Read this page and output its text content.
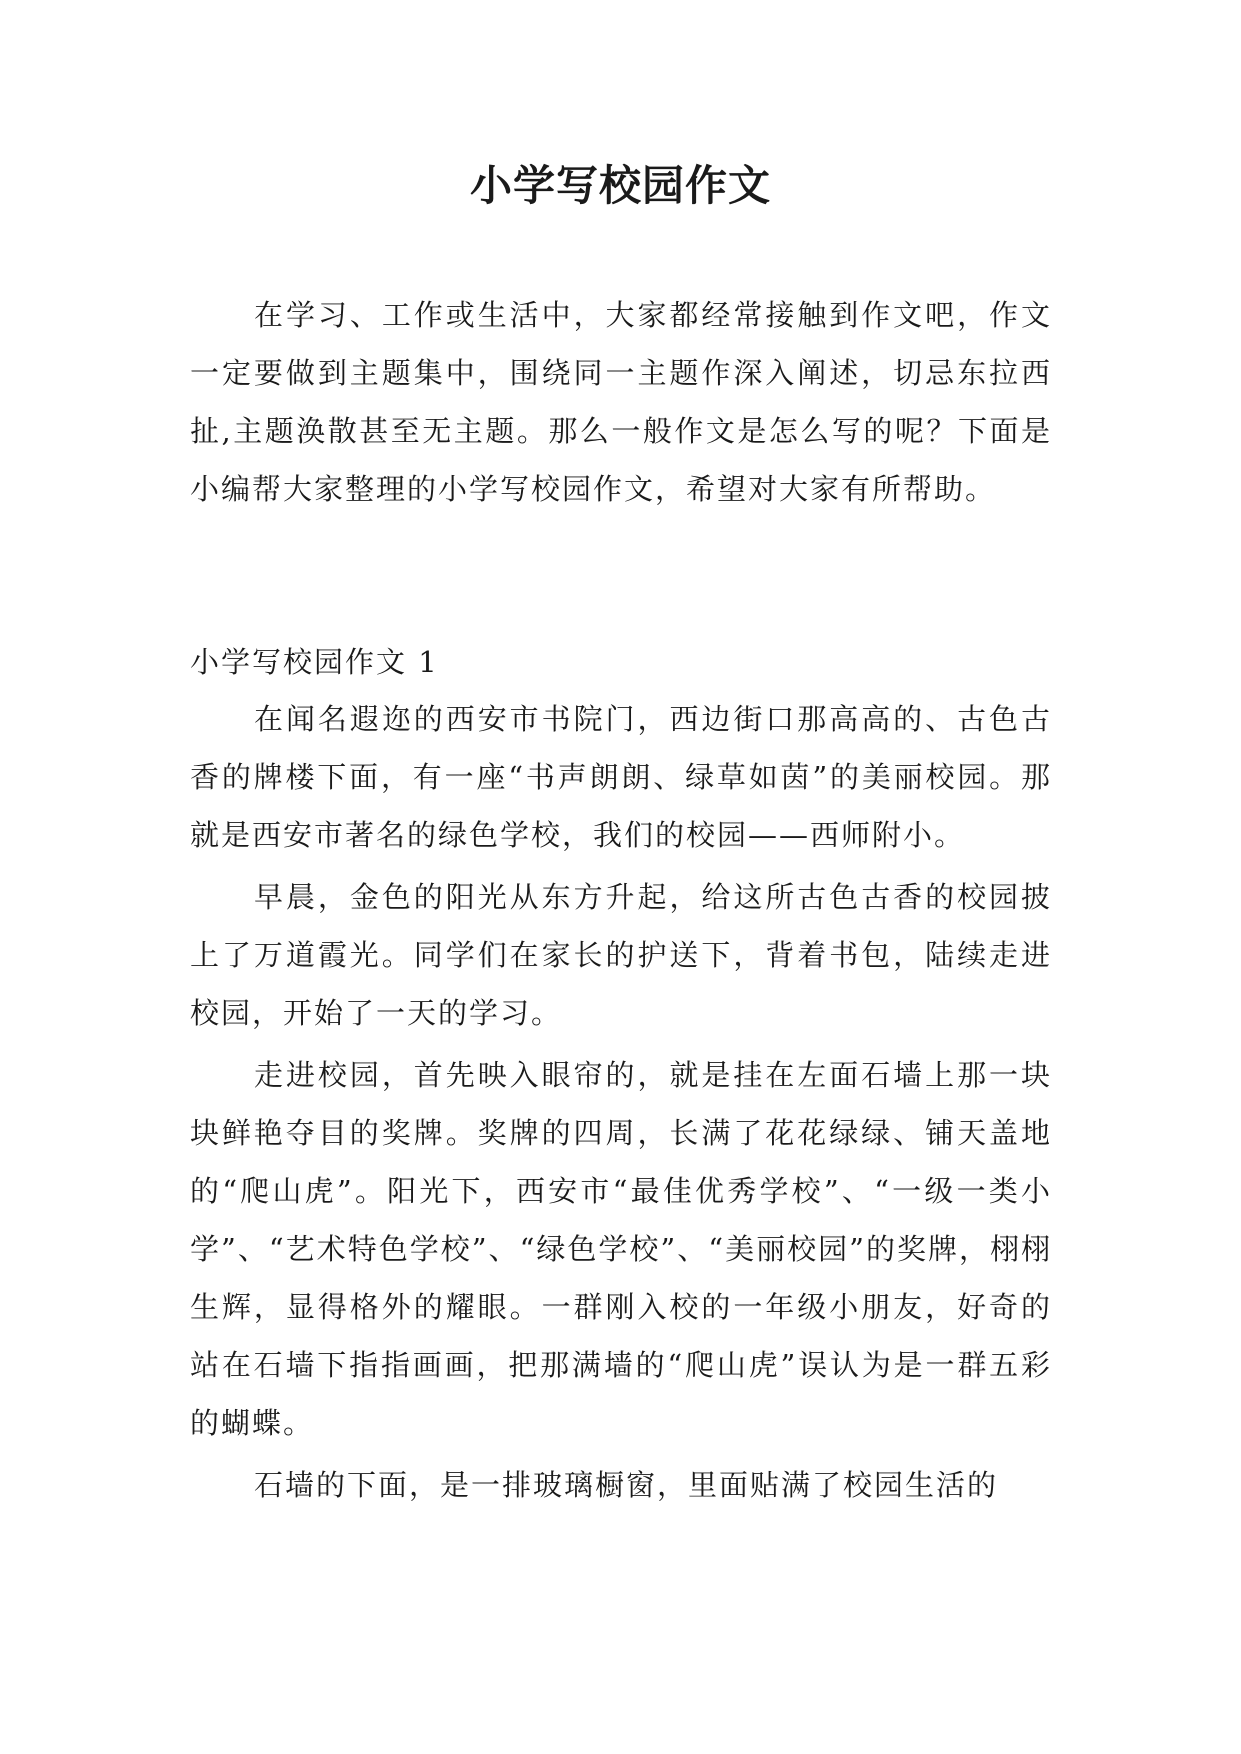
小学写校园作文

在学习、工作或生活中，大家都经常接触到作文吧，作文一定要做到主题集中，围绕同一主题作深入阐述，切忌东拉西扯,主题涣散甚至无主题。那么一般作文是怎么写的呢？下面是小编帮大家整理的小学写校园作文，希望对大家有所帮助。

小学写校园作文 1

在闻名遐迩的西安市书院门，西边街口那高高的、古色古香的牌楼下面，有一座“书声朗朗、绿草如茵”的美丽校园。那就是西安市著名的绿色学校，我们的校园——西师附小。

早晨，金色的阳光从东方升起，给这所古色古香的校园披上了万道霞光。同学们在家长的护送下，背着书包，陆续走进校园，开始了一天的学习。

走进校园，首先映入眼帘的，就是挂在左面石墙上那一块块鲜艳夺目的奖牌。奖牌的四周，长满了花花绿绿、铺天盖地的“爬山虎”。阳光下，西安市“最佳优秀学校”、“一级一类小学”、“艺术特色学校”、“绿色学校”、“美丽校园”的奖牌，栩栩生辉，显得格外的耀眼。一群刚入校的一年级小朋友，好奇的站在石墙下指指画画，把那满墙的“爬山虎”误认为是一群五彩的蝴蝶。

石墙的下面，是一排玻璃橱窗，里面贴满了校园生活的
